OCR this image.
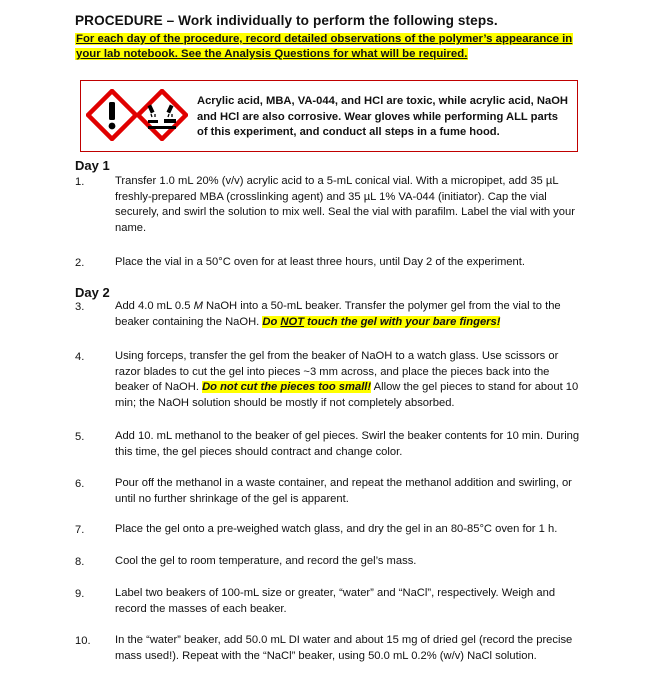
PROCEDURE – Work individually to perform the following steps.
For each day of the procedure, record detailed observations of the polymer’s appearance in
your lab notebook. See the Analysis Questions for what will be required.
Acrylic acid, MBA, VA-044, and HCl are toxic, while acrylic acid, NaOH and HCl are also corrosive. Wear gloves while performing ALL parts of this experiment, and conduct all steps in a fume hood.
Day 1
1.	Transfer 1.0 mL 20% (v/v) acrylic acid to a 5-mL conical vial. With a micropipet, add 35 µL freshly-prepared MBA (crosslinking agent) and 35 µL 1% VA-044 (initiator). Cap the vial securely, and swirl the solution to mix well. Seal the vial with parafilm. Label the vial with your name.
2.	Place the vial in a 50°C oven for at least three hours, until Day 2 of the experiment.
Day 2
3.	Add 4.0 mL 0.5 M NaOH into a 50-mL beaker. Transfer the polymer gel from the vial to the beaker containing the NaOH. Do NOT touch the gel with your bare fingers!
4.	Using forceps, transfer the gel from the beaker of NaOH to a watch glass. Use scissors or razor blades to cut the gel into pieces ~3 mm across, and place the pieces back into the beaker of NaOH. Do not cut the pieces too small! Allow the gel pieces to stand for about 10 min; the NaOH solution should be mostly if not completely absorbed.
5.	Add 10. mL methanol to the beaker of gel pieces. Swirl the beaker contents for 10 min. During this time, the gel pieces should contract and change color.
6.	Pour off the methanol in a waste container, and repeat the methanol addition and swirling, or until no further shrinkage of the gel is apparent.
7.	Place the gel onto a pre-weighed watch glass, and dry the gel in an 80-85°C oven for 1 h.
8.	Cool the gel to room temperature, and record the gel’s mass.
9.	Label two beakers of 100-mL size or greater, “water” and “NaCl”, respectively. Weigh and record the masses of each beaker.
10. In the “water” beaker, add 50.0 mL DI water and about 15 mg of dried gel (record the precise mass used!). Repeat with the “NaCl” beaker, using 50.0 mL 0.2% (w/v) NaCl solution.
